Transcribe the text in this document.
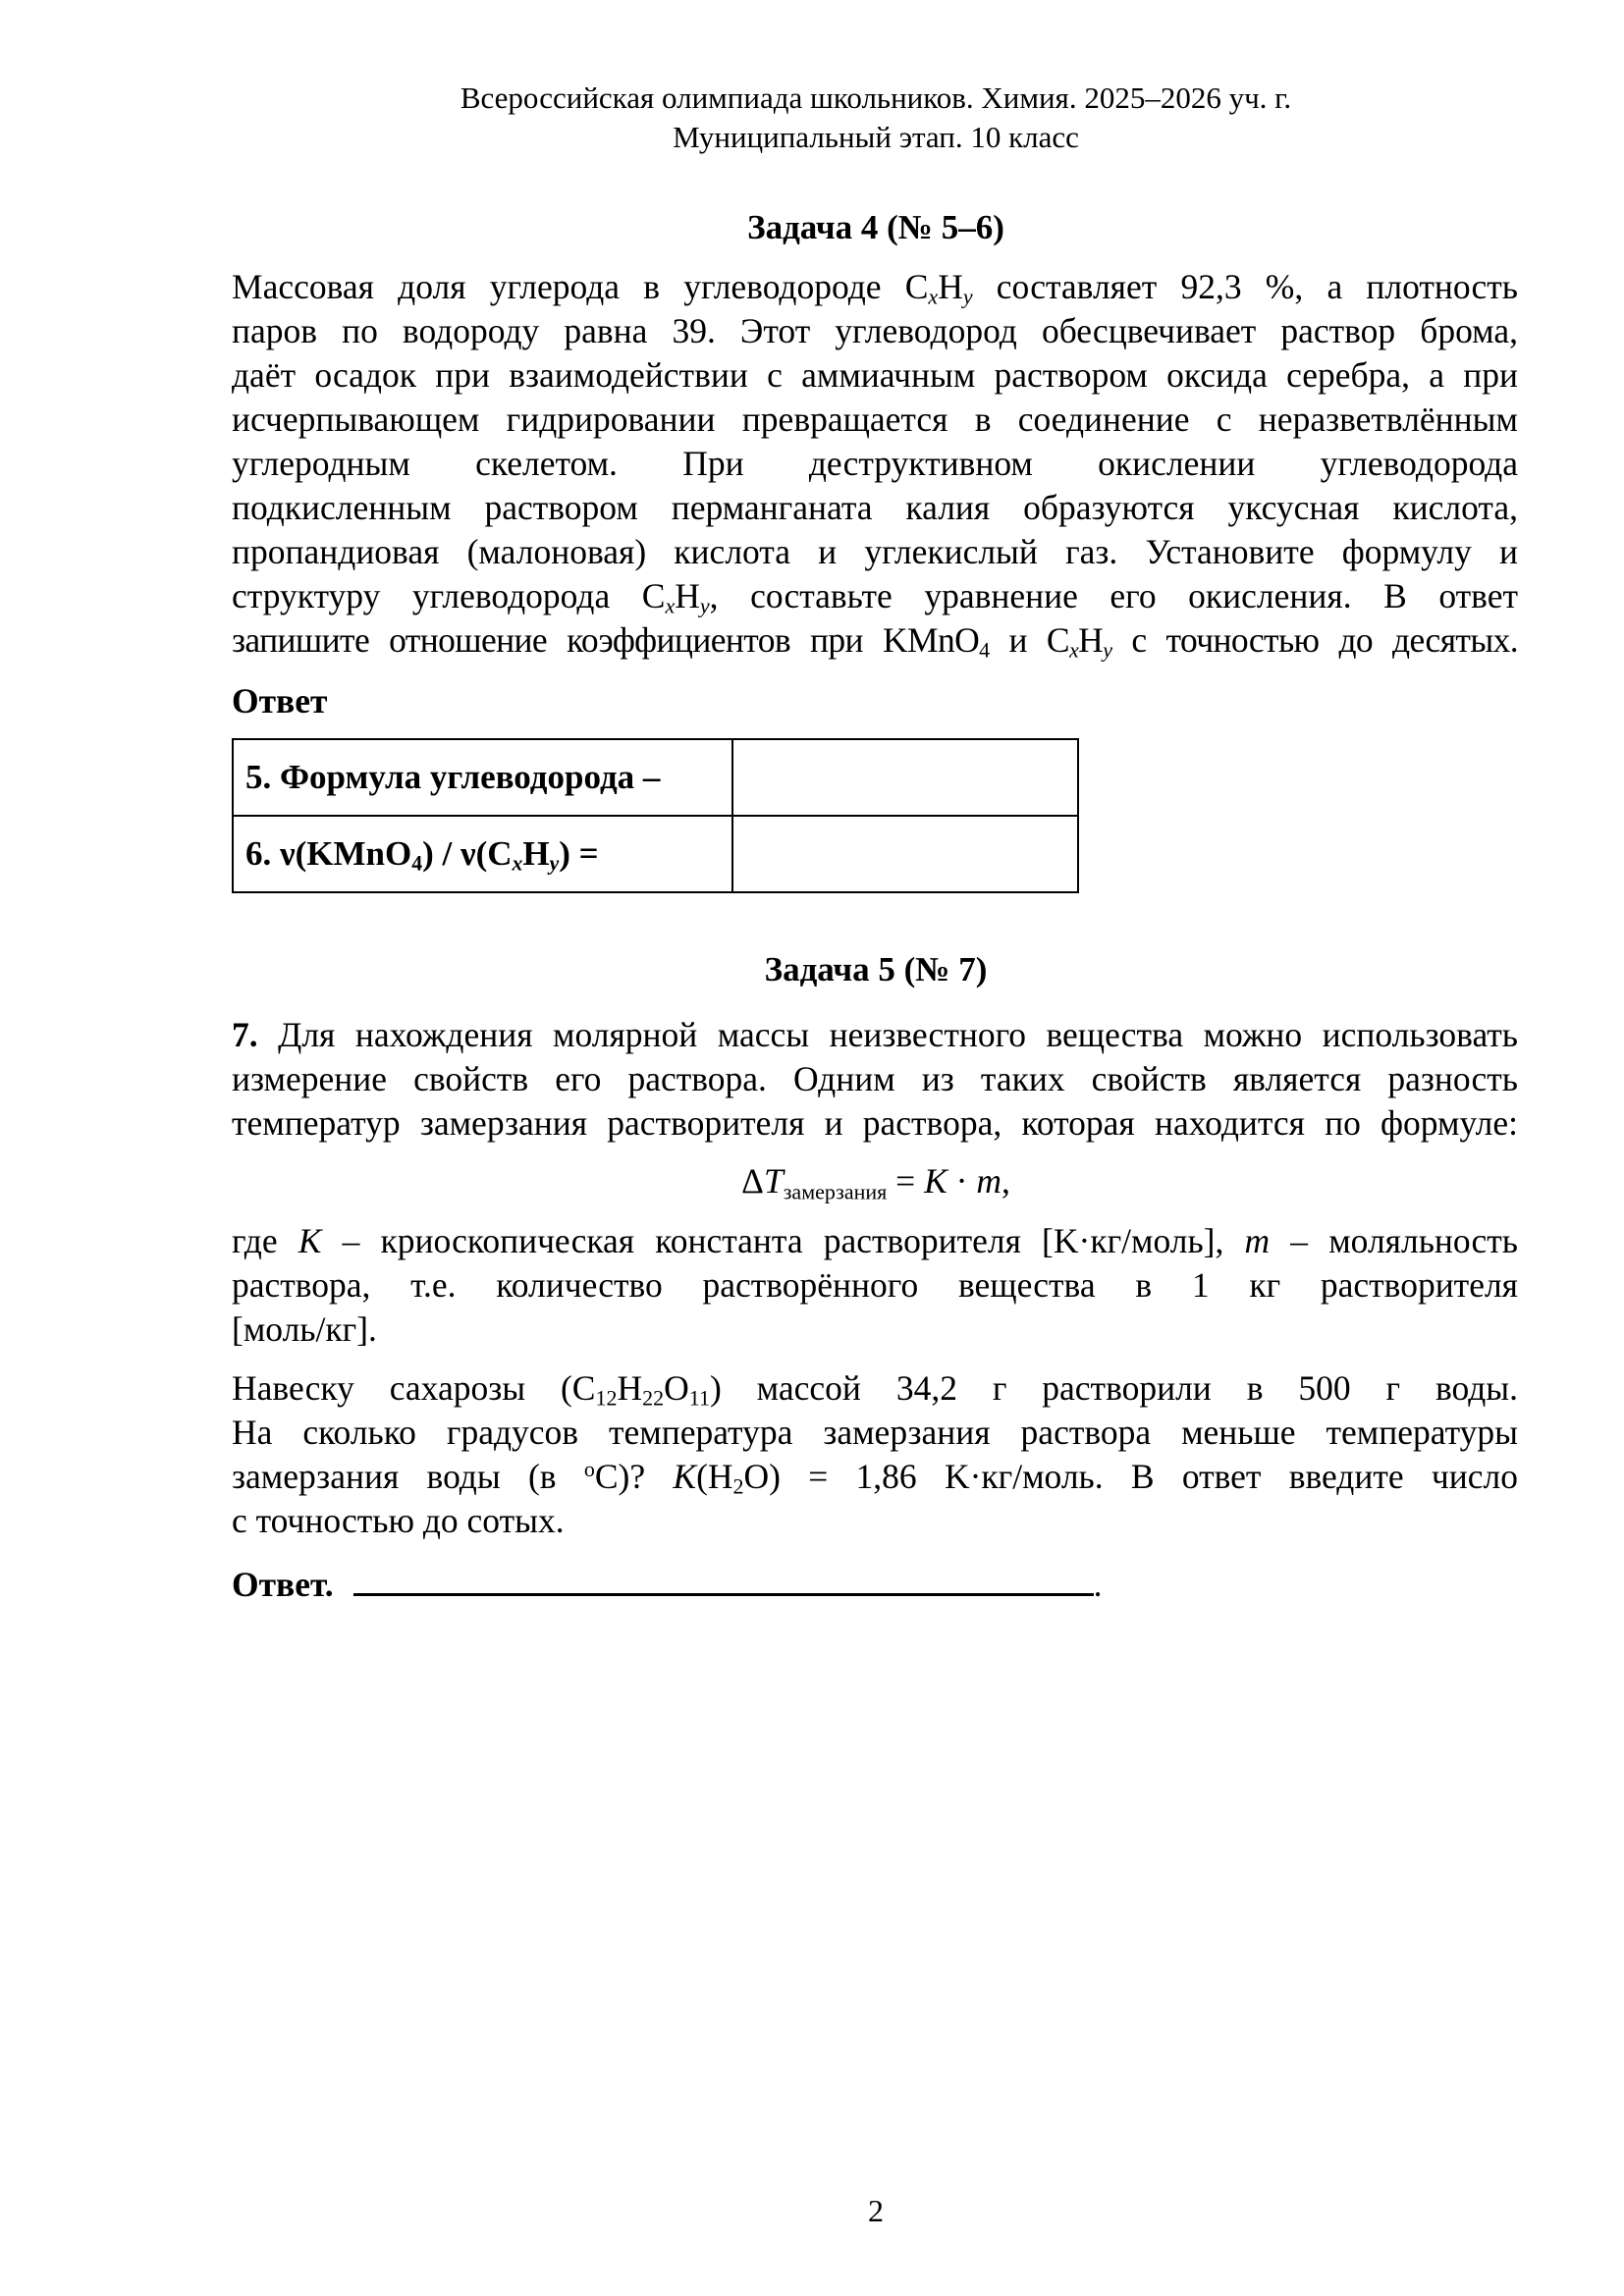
Всероссийская олимпиада школьников. Химия. 2025–2026 уч. г.
Муниципальный этап. 10 класс
Задача 4 (№ 5–6)
Массовая доля углерода в углеводороде $C_xH_y$ составляет 92,3 %, а плотность
паров по водороду равна 39. Этот углеводород обесцвечивает раствор брома,
даёт осадок при взаимодействии с аммиачным раствором оксида серебра, а при
исчерпывающем гидрировании превращается в соединение с неразветвлённым
углеродным скелетом. При деструктивном окислении углеводорода
подкисленным раствором перманганата калия образуются уксусная кислота,
пропандиовая (малоновая) кислота и углекислый газ. Установите формулу и
структуру углеводорода $C_xH_y$, составьте уравнение его окисления. В ответ
запишите отношение коэффициентов при KMnO$_4$ и $C_xH_y$ с точностью до десятых.
Ответ
5. Формула углеводорода –	
6. ν(KMnO$_4$) / $\nu(C_xH_y)$ =	
Задача 5 (№ 7)
7. Для нахождения молярной массы неизвестного вещества можно использовать
измерение свойств его раствора. Одним из таких свойств является разность
температур замерзания растворителя и раствора, которая находится по формуле:
ΔTзамерзания = K · m,
где K – криоскопическая константа растворителя [K·кг/моль], m – моляльность
раствора, т.е. количество растворённого вещества в 1 кг растворителя
[моль/кг].
Навеску сахарозы $(C_{12}H_{22}O_{11})$ массой 34,2 г растворили в 500 г воды.
На сколько градусов температура замерзания раствора меньше температуры
замерзания воды (в $^o$C)? $K(H_2O) = 1,86$ K·кг/моль. В ответ введите число
с точностью до сотых.
Ответ.	.
2
